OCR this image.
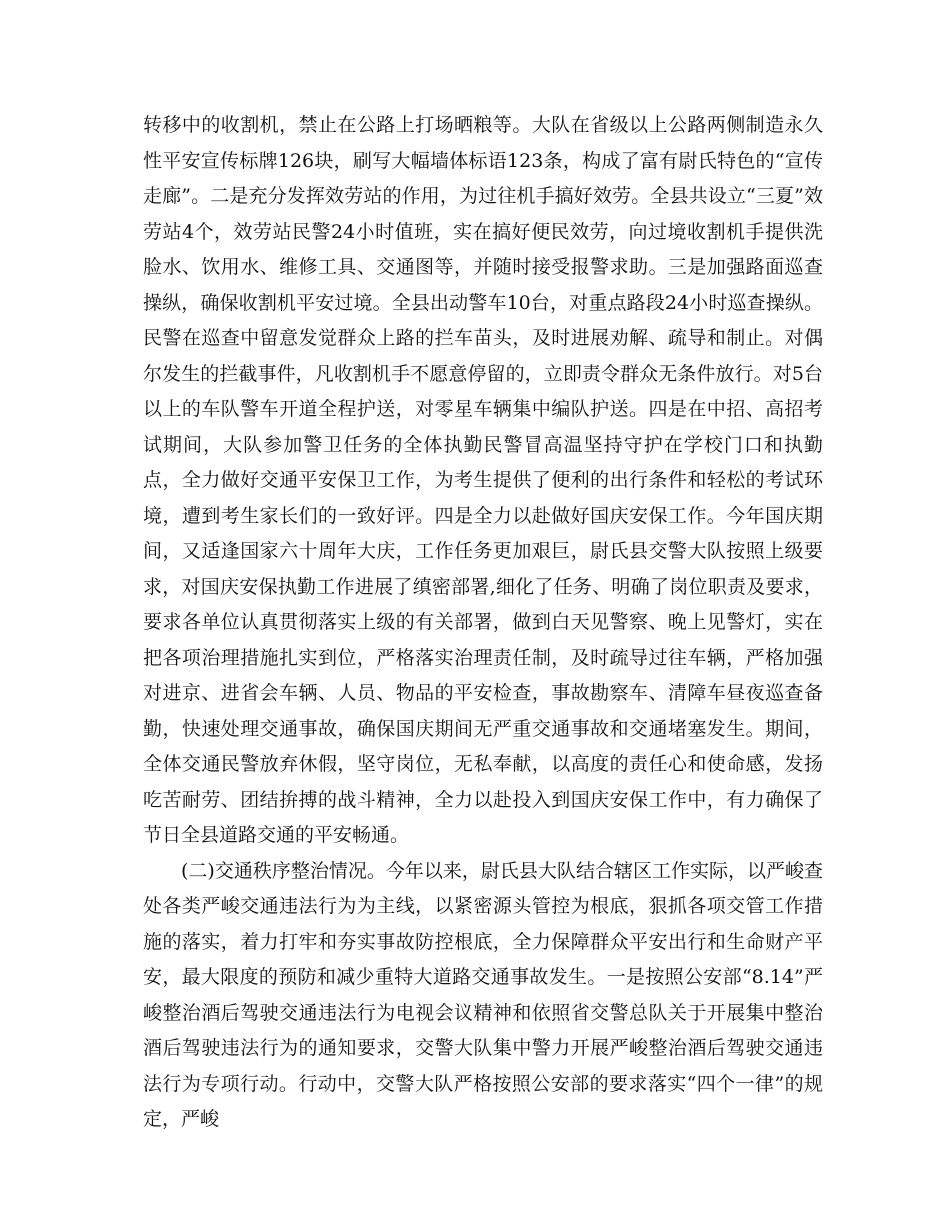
转移中的收割机，禁止在公路上打场晒粮等。大队在省级以上公路两侧制造永久性平安宣传标牌126块，刷写大幅墙体标语123条，构成了富有尉氏特色的“宣传走廊”。二是充分发挥效劳站的作用，为过往机手搞好效劳。全县共设立“三夏”效劳站4个，效劳站民警24小时值班，实在搞好便民效劳，向过境收割机手提供洗脸水、饮用水、维修工具、交通图等，并随时接受报警求助。三是加强路面巡查操纵，确保收割机平安过境。全县出动警车10台，对重点路段24小时巡查操纵。民警在巡查中留意发觉群众上路的拦车苗头，及时进展劝解、疏导和制止。对偶尔发生的拦截事件，凡收割机手不愿意停留的，立即责令群众无条件放行。对5台以上的车队警车开道全程护送，对零星车辆集中编队护送。四是在中招、高招考试期间，大队参加警卫任务的全体执勤民警冒高温坚持守护在学校门口和执勤点，全力做好交通平安保卫工作，为考生提供了便利的出行条件和轻松的考试环境，遭到考生家长们的一致好评。四是全力以赴做好国庆安保工作。今年国庆期间，又适逢国家六十周年大庆，工作任务更加艰巨，尉氏县交警大队按照上级要求，对国庆安保执勤工作进展了缜密部署,细化了任务、明确了岗位职责及要求，要求各单位认真贯彻落实上级的有关部署，做到白天见警察、晚上见警灯，实在把各项治理措施扎实到位，严格落实治理责任制，及时疏导过往车辆，严格加强对进京、进省会车辆、人员、物品的平安检查，事故勘察车、清障车昼夜巡查备勤，快速处理交通事故，确保国庆期间无严重交通事故和交通堵塞发生。期间，全体交通民警放弃休假，坚守岗位，无私奉献，以高度的责任心和使命感，发扬吃苦耐劳、团结拚搏的战斗精神，全力以赴投入到国庆安保工作中，有力确保了节日全县道路交通的平安畅通。

(二)交通秩序整治情况。今年以来，尉氏县大队结合辖区工作实际，以严峻查处各类严峻交通违法行为为主线，以紧密源头管控为根底，狠抓各项交管工作措施的落实，着力打牢和夯实事故防控根底，全力保障群众平安出行和生命财产平安，最大限度的预防和减少重特大道路交通事故发生。一是按照公安部“8.14”严峻整治酒后驾驶交通违法行为电视会议精神和依照省交警总队关于开展集中整治酒后驾驶违法行为的通知要求，交警大队集中警力开展严峻整治酒后驾驶交通违法行为专项行动。行动中，交警大队严格按照公安部的要求落实“四个一律”的规定，严峻
